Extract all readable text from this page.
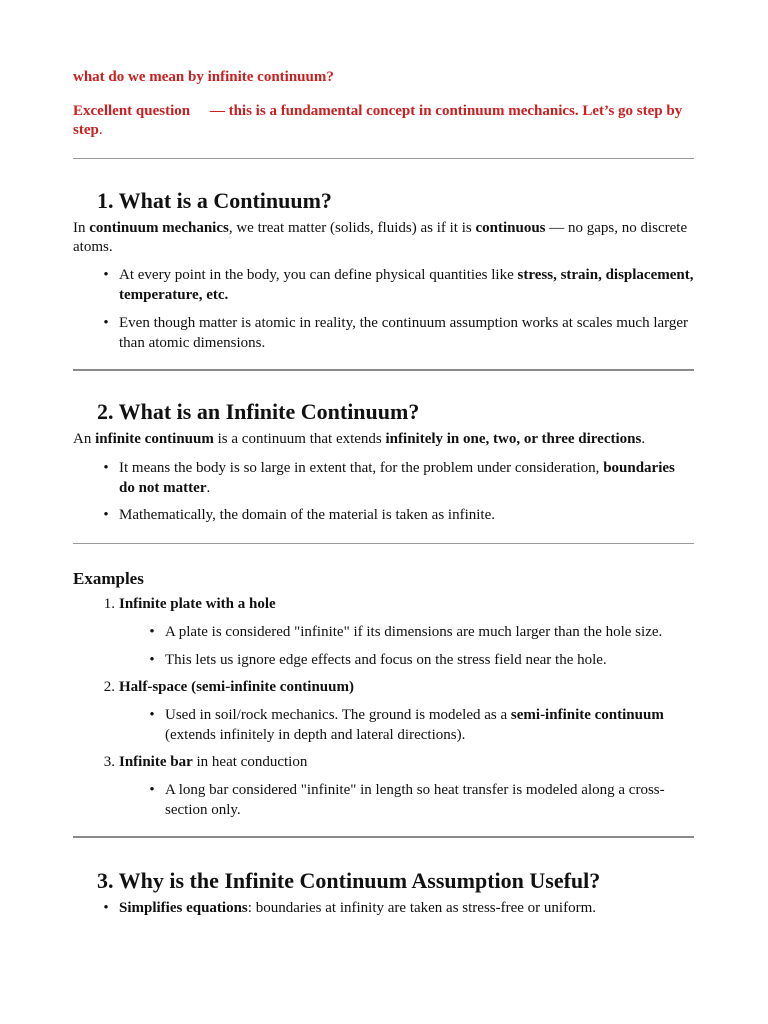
what do we mean by infinite continuum?
Excellent question — this is a fundamental concept in continuum mechanics. Let’s go step by step.
1. What is a Continuum?

In continuum mechanics, we treat matter (solids, fluids) as if it is continuous — no gaps, no discrete atoms.

• At every point in the body, you can define physical quantities like stress, strain, displacement, temperature, etc.

• Even though matter is atomic in reality, the continuum assumption works at scales much larger than atomic dimensions.

2. What is an Infinite Continuum?

An infinite continuum is a continuum that extends infinitely in one, two, or three directions.

• It means the body is so large in extent that, for the problem under consideration, boundaries do not matter.

• Mathematically, the domain of the material is taken as infinite.

Examples

1. Infinite plate with a hole

• A plate is considered "infinite" if its dimensions are much larger than the hole size.

• This lets us ignore edge effects and focus on the stress field near the hole.

2. Half-space (semi-infinite continuum)

• Used in soil/rock mechanics. The ground is modeled as a semi-infinite continuum (extends infinitely in depth and lateral directions).

3. Infinite bar in heat conduction

• A long bar considered "infinite" in length so heat transfer is modeled along a cross-section only.

3. Why is the Infinite Continuum Assumption Useful?

• Simplifies equations: boundaries at infinity are taken as stress-free or uniform.
